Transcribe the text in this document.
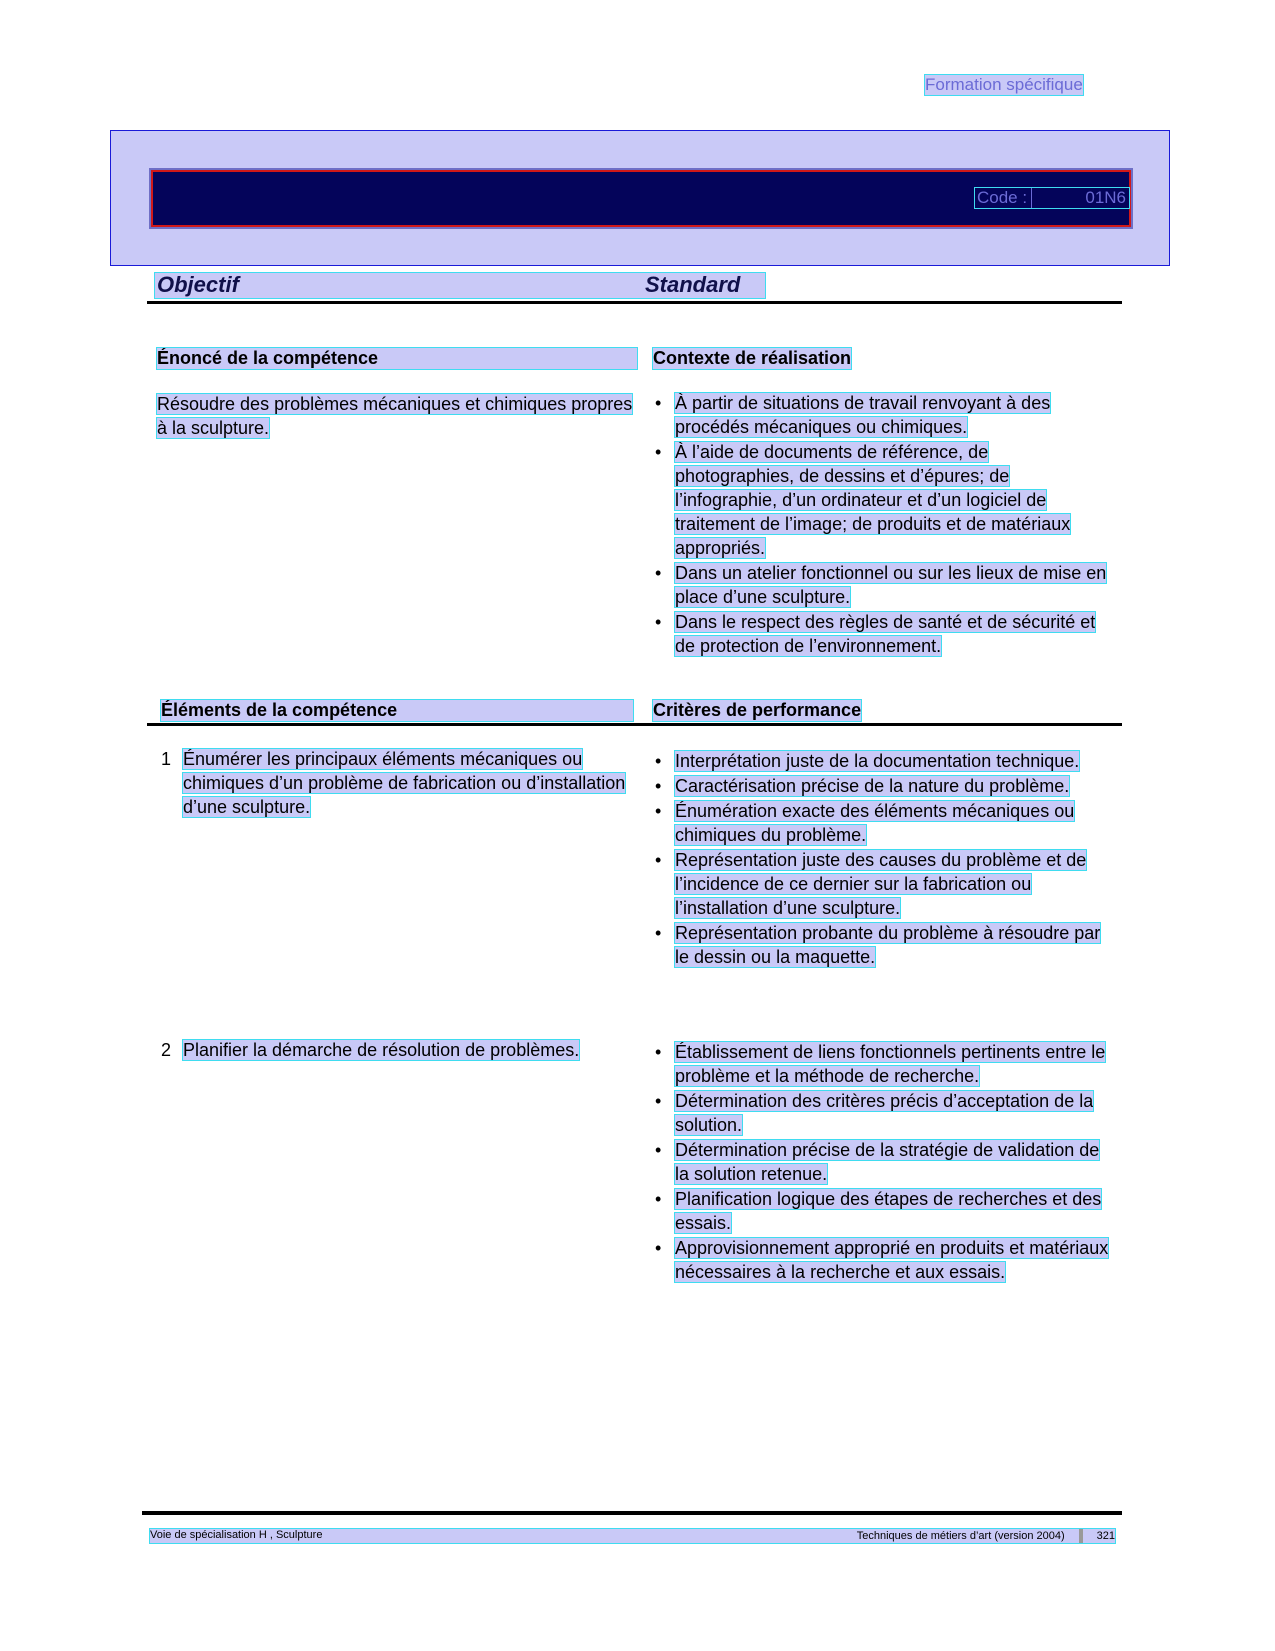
Formation spécifique
Code :	01N6
Objectif	Standard
Énoncé de la compétence
Résoudre des problèmes mécaniques et chimiques propres à la sculpture.
Contexte de réalisation
• À partir de situations de travail renvoyant à des procédés mécaniques ou chimiques.
• À l’aide de documents de référence, de photographies, de dessins et d’épures; de l’infographie, d’un ordinateur et d’un logiciel de traitement de l’image; de produits et de matériaux appropriés.
• Dans un atelier fonctionnel ou sur les lieux de mise en place d’une sculpture.
• Dans le respect des règles de santé et de sécurité et de protection de l’environnement.
Éléments de la compétence	Critères de performance
1 Énumérer les principaux éléments mécaniques ou chimiques d’un problème de fabrication ou d’installation d’une sculpture.
• Interprétation juste de la documentation technique.
• Caractérisation précise de la nature du problème.
• Énumération exacte des éléments mécaniques ou chimiques du problème.
• Représentation juste des causes du problème et de l’incidence de ce dernier sur la fabrication ou l’installation d’une sculpture.
• Représentation probante du problème à résoudre par le dessin ou la maquette.
2 Planifier la démarche de résolution de problèmes.
•	Établissement de liens fonctionnels pertinents entre le problème et la méthode de recherche.
• Détermination des critères précis d’acceptation de la solution.
• Détermination précise de la stratégie de validation de la solution retenue.
• Planification logique des étapes de recherches et des essais.
• Approvisionnement approprié en produits et matériaux nécessaires à la recherche et aux essais.
Voie de spécialisation H , Sculpture	Techniques de métiers d’art (version 2004)	321
